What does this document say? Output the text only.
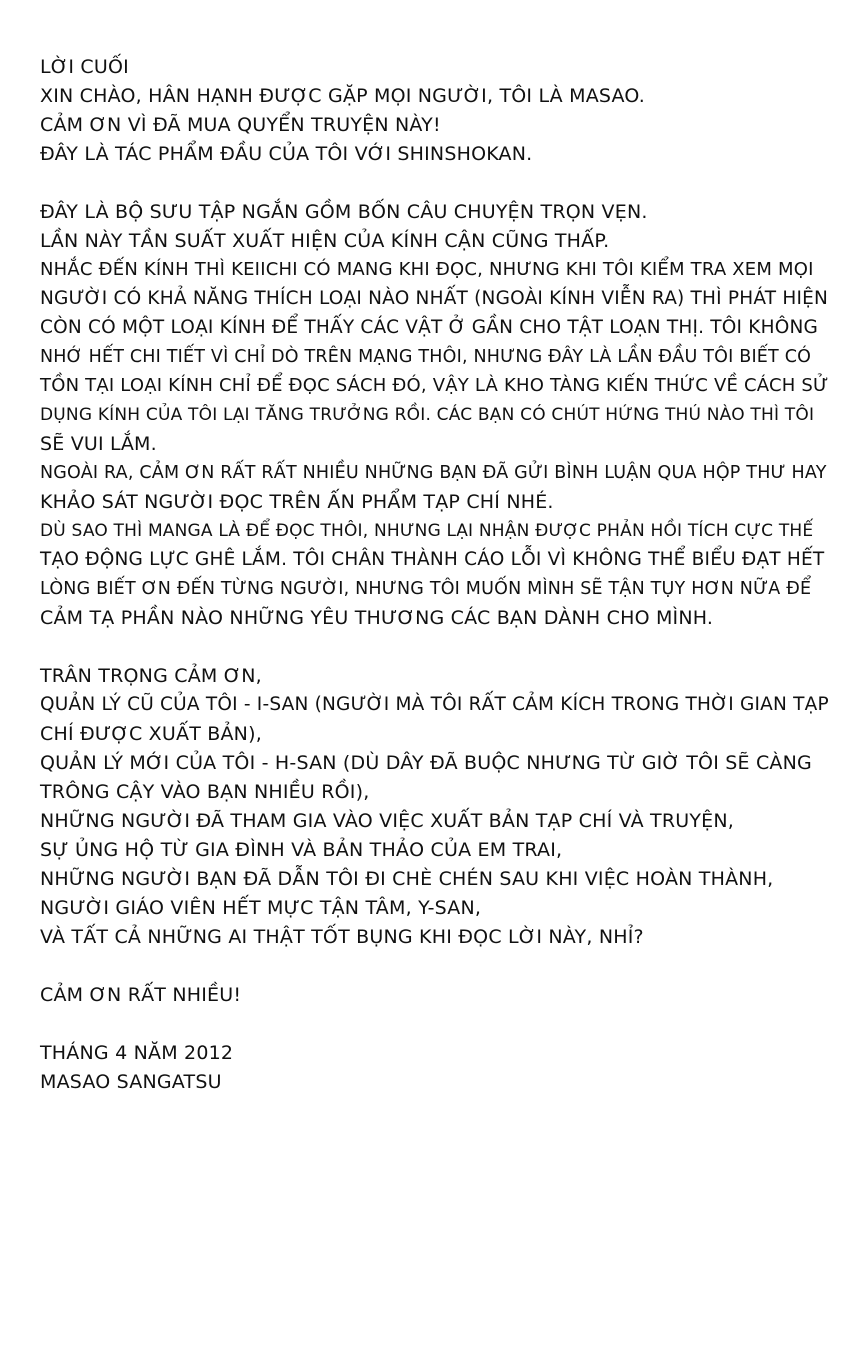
LỜI CUỐI
XIN CHÀO, HÂN HẠNH ĐƯỢC GẶP MỌI NGƯỜI, TÔI LÀ MASAO.
CẢM ƠN VÌ ĐÃ MUA QUYỂN TRUYỆN NÀY!
ĐÂY LÀ TÁC PHẨM ĐẦU CỦA TÔI VỚI SHINSHOKAN.
ĐÂY LÀ BỘ SƯU TẬP NGẮN GỒM BỐN CÂU CHUYỆN TRỌN VẸN.
LẦN NÀY TẦN SUẤT XUẤT HIỆN CỦA KÍNH CẬN CŨNG THẤP.
NHẮC ĐẾN KÍNH THÌ KEIICHI CÓ MANG KHI ĐỌC, NHƯNG KHI TÔI KIỂM TRA XEM MỌI
NGƯỜI CÓ KHẢ NĂNG THÍCH LOẠI NÀO NHẤT (NGOÀI KÍNH VIỄN RA) THÌ PHÁT HIỆN
CÒN CÓ MỘT LOẠI KÍNH ĐỂ THẤY CÁC VẬT Ở GẦN CHO TẬT LOẠN THỊ. TÔI KHÔNG
NHỚ HẾT CHI TIẾT VÌ CHỈ DÒ TRÊN MẠNG THÔI, NHƯNG ĐÂY LÀ LẦN ĐẦU TÔI BIẾT CÓ
TỒN TẠI LOẠI KÍNH CHỈ ĐỂ ĐỌC SÁCH ĐÓ, VẬY LÀ KHO TÀNG KIẾN THỨC VỀ CÁCH SỬ
DỤNG KÍNH CỦA TÔI LẠI TĂNG TRƯỞNG RỒI. CÁC BẠN CÓ CHÚT HỨNG THÚ NÀO THÌ TÔI
SẼ VUI LẮM.
NGOÀI RA, CẢM ƠN RẤT RẤT NHIỀU NHỮNG BẠN ĐÃ GỬI BÌNH LUẬN QUA HỘP THƯ HAY
KHẢO SÁT NGƯỜI ĐỌC TRÊN ẤN PHẨM TẠP CHÍ NHÉ.
DÙ SAO THÌ MANGA LÀ ĐỂ ĐỌC THÔI, NHƯNG LẠI NHẬN ĐƯỢC PHẢN HỒI TÍCH CỰC THẾ
TẠO ĐỘNG LỰC GHÊ LẮM. TÔI CHÂN THÀNH CÁO LỖI VÌ KHÔNG THỂ BIỂU ĐẠT HẾT
LÒNG BIẾT ƠN ĐẾN TỪNG NGƯỜI, NHƯNG TÔI MUỐN MÌNH SẼ TẬN TỤY HƠN NỮA ĐỂ
CẢM TẠ PHẦN NÀO NHỮNG YÊU THƯƠNG CÁC BẠN DÀNH CHO MÌNH.
TRÂN TRỌNG CẢM ƠN,
QUẢN LÝ CŨ CỦA TÔI - I-SAN (NGƯỜI MÀ TÔI RẤT CẢM KÍCH TRONG THỜI GIAN TẠP
CHÍ ĐƯỢC XUẤT BẢN),
QUẢN LÝ MỚI CỦA TÔI - H-SAN (DÙ DÂY ĐÃ BUỘC NHƯNG TỪ GIỜ TÔI SẼ CÀNG
TRÔNG CẬY VÀO BẠN NHIỀU RỒI),
NHỮNG NGƯỜI ĐÃ THAM GIA VÀO VIỆC XUẤT BẢN TẠP CHÍ VÀ TRUYỆN,
SỰ ỦNG HỘ TỪ GIA ĐÌNH VÀ BẢN THẢO CỦA EM TRAI,
NHỮNG NGƯỜI BẠN ĐÃ DẪN TÔI ĐI CHÈ CHÉN SAU KHI VIỆC HOÀN THÀNH,
NGƯỜI GIÁO VIÊN HẾT MỰC TẬN TÂM, Y-SAN,
VÀ TẤT CẢ NHỮNG AI THẬT TỐT BỤNG KHI ĐỌC LỜI NÀY, NHỈ?
CẢM ƠN RẤT NHIỀU!
THÁNG 4 NĂM 2012
MASAO SANGATSU
